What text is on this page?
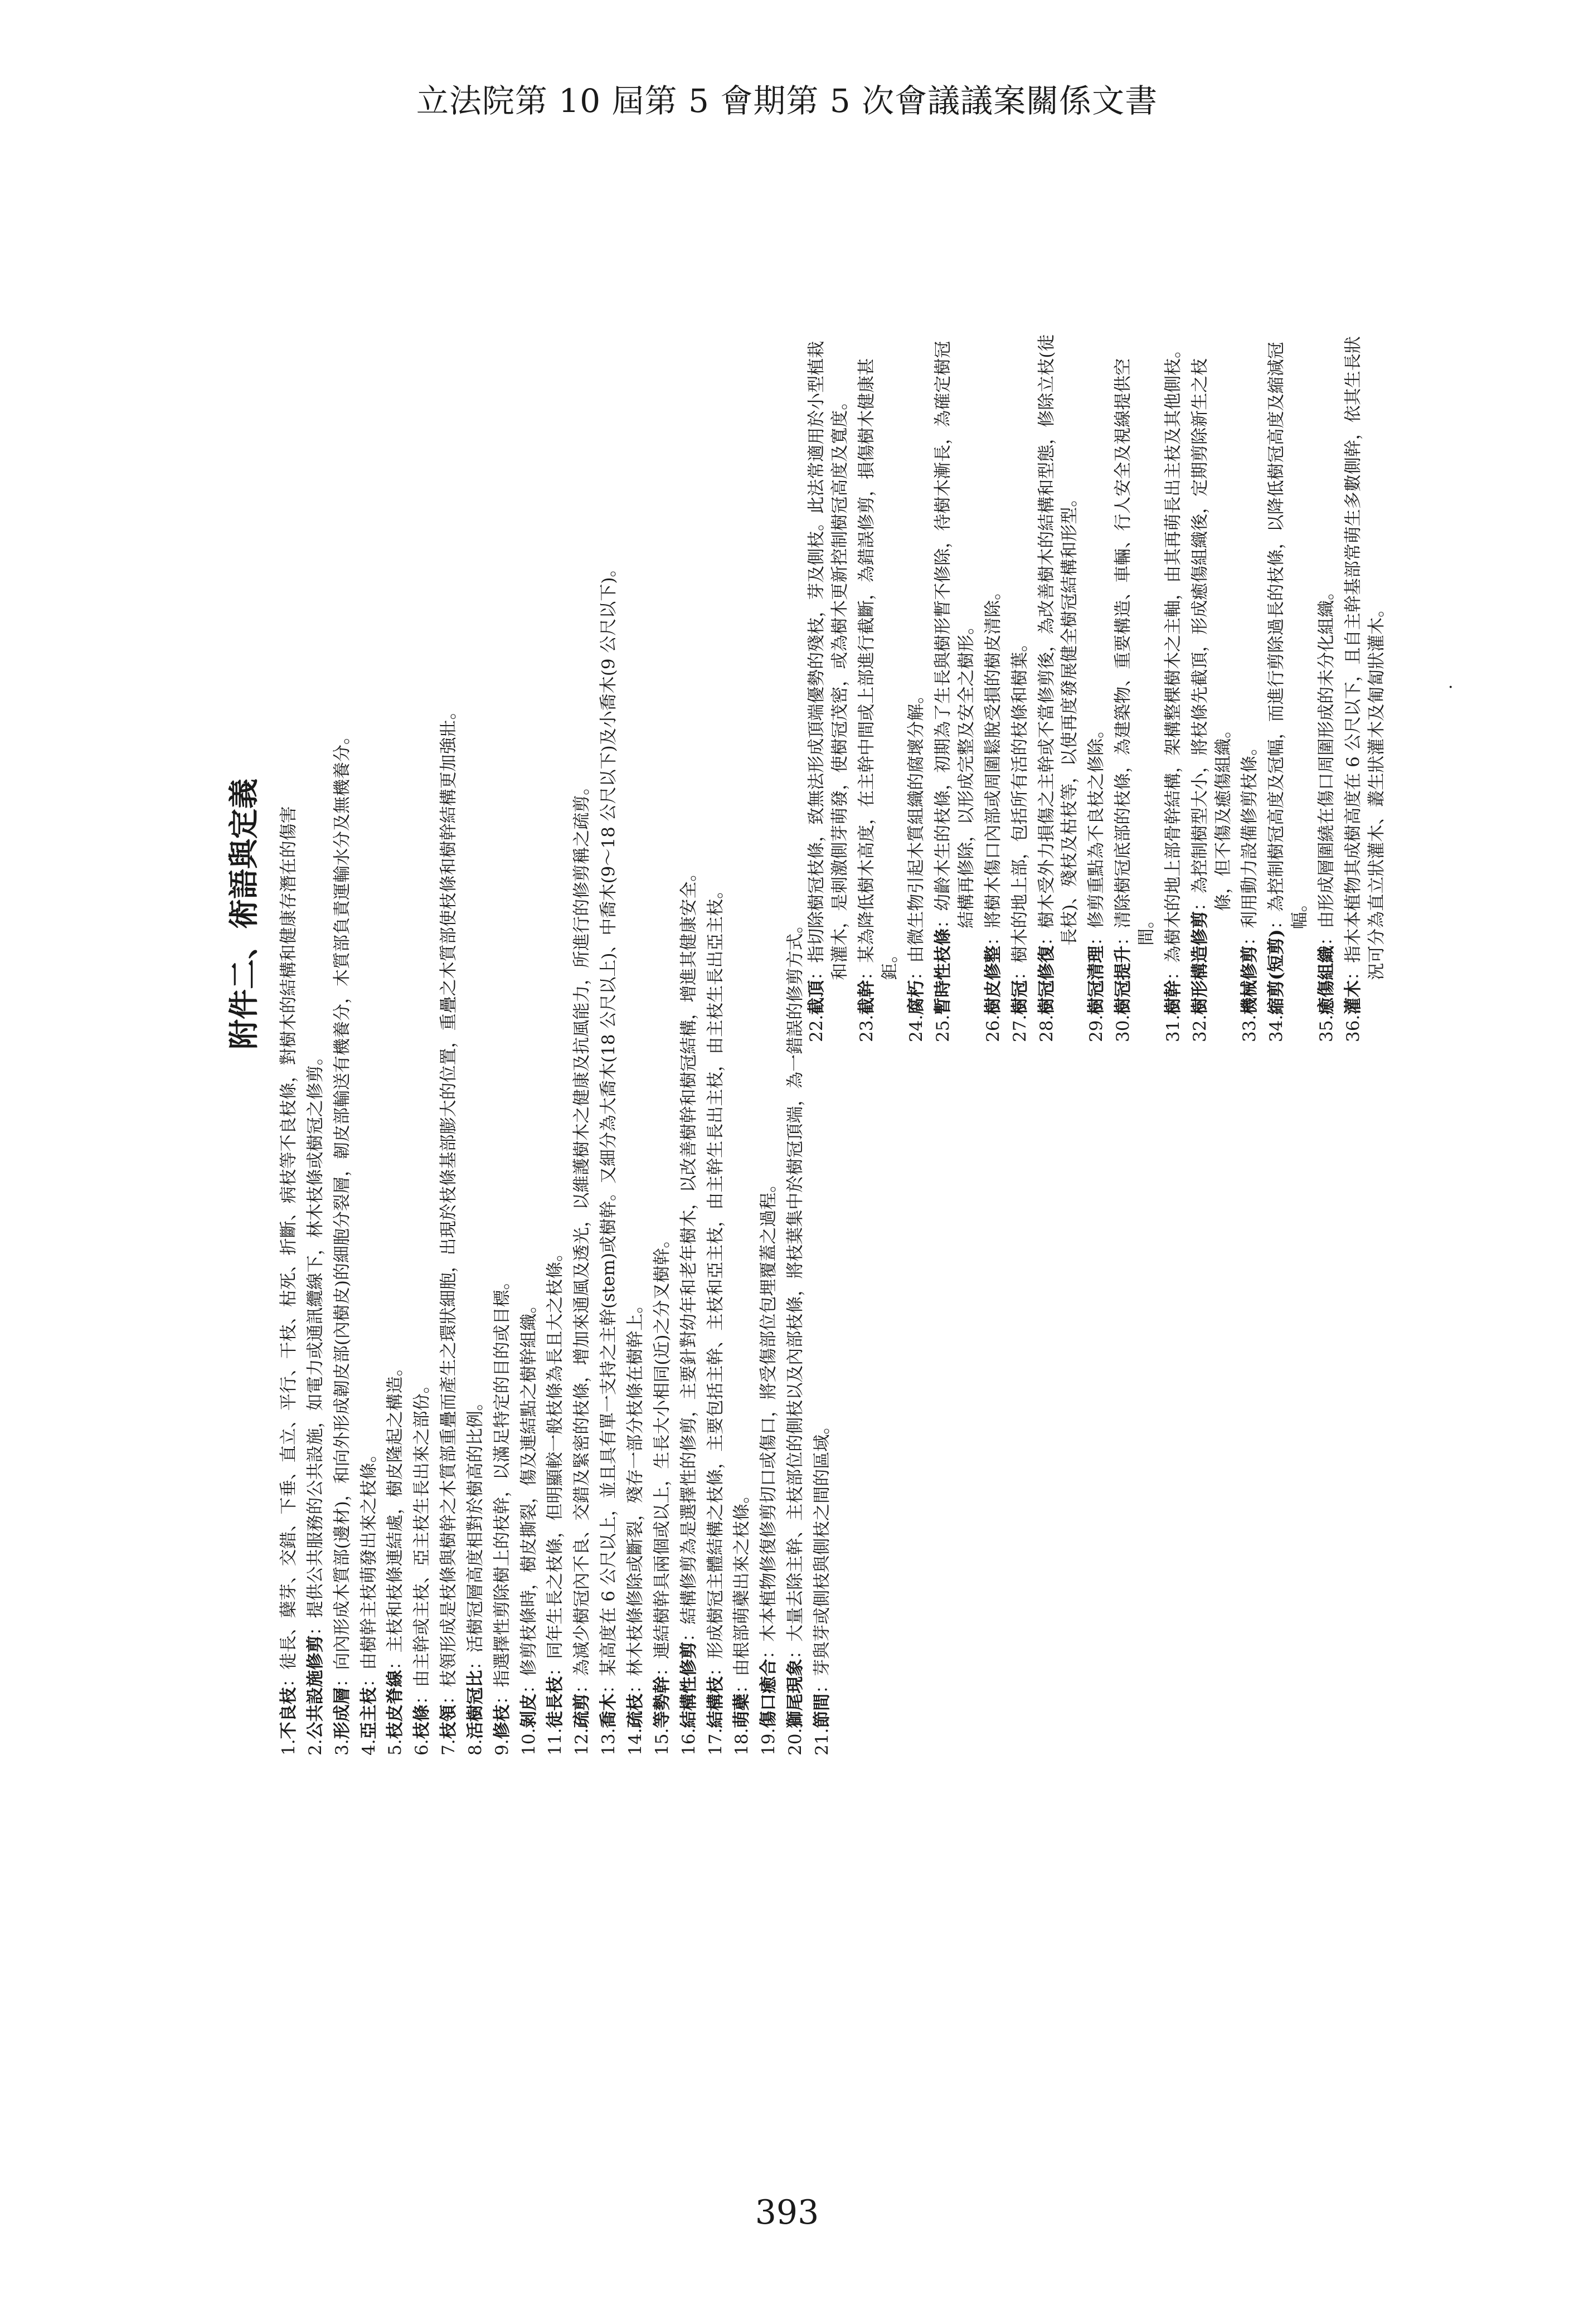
立法院第 10 屆第 5 會期第 5 次會議議案關係文書
附件二、術語與定義
1.
不良枝
：徒長、蘖芽、交錯、下垂、直立、平行、干枝、枯死、折斷、病枝等不良枝條，對樹木的結構和健康存潛在的傷害
2.
公共設施修剪
：提供公共服務的公共設施，如電力或通訊纜線下，林木枝條或樹冠之修剪。
3.
形成層
：向內形成木質部(邊材)，和向外形成韌皮部(內樹皮)的細胞分裂層，韌皮部輸送有機養分，木質部負責運輸水分及無機養分。
4.
亞主枝
：由樹幹主枝萌發出來之枝條。
5.
枝皮脊線
：主枝和枝條連結處，樹皮隆起之構造。
6.
枝條
：由主幹或主枝、亞主枝生長出來之部份。
7.
枝領
：枝領形成是枝條與樹幹之木質部重疊而產生之環狀細胞，出現於枝條基部膨大的位置，重疊之木質部使枝條和樹幹結構更加強壯。
8.
活樹冠比
：活樹冠層高度相對於樹高的比例。
9.
修枝
：指選擇性剪除樹上的枝幹，以滿足特定的目的或目標。
10.
剝皮
：修剪枝條時，樹皮撕裂，傷及連結點之樹幹組織。
11.
徒長枝
：同年生長之枝條，但明顯較一般枝條為長且大之枝條。
12.
疏剪
：為減少樹冠內不良、交錯及緊密的枝條，增加來通風及透光，以維護樹木之健康及抗風能力，所進行的修剪稱之疏剪。
13.
喬木
：某高度在 6 公尺以上，並且具有單一支持之主幹(stem)或樹幹。又細分為大喬木(18 公尺以上)、中喬木(9～18 公尺以下)及小喬木(9 公尺以下)。
14.
疏枝
：林木枝條修除或斷裂，殘存一部分枝條在樹幹上。
15.
等勢幹
：連結樹幹具兩個或以上，生長大小相同(近)之分叉樹幹。
16.
結構性修剪
：結構修剪為是選擇性的修剪，主要針對幼年和老年樹木，以改善樹幹和樹冠結構，增進其健康安全。
17.
結構枝
：形成樹冠主體結構之枝條，主要包括主幹、主枝和亞主枝，由主幹生長出主枝，由主枝生長出亞主枝。
18.
萌蘗
：由根部萌蘗出來之枝條。
19.
傷口癒合
：木本植物修復修剪切口或傷口，將受傷部位包埋覆蓋之過程。
20.
獅尾現象
：大量去除主幹、主枝部位的側枝以及內部枝條，將枝葉集中於樹冠頂端，為一錯誤的修剪方式。
21.
節間
：芽與芽或側枝與側枝之間的區域。
22.
截頂
：指切除樹冠枝條，致無法形成頂端優勢的殘枝，芽及側枝。此法常適用於小型植栽和灌木，是刺激側芽萌發，使樹冠茂密，或為樹木更新控制樹冠高度及寬度。
23.
截幹
：某為降低樹木高度，在主幹中間或上部進行截斷，為錯誤修剪，損傷樹木健康甚鉅。
24.
腐朽
：由微生物引起木質組織的腐壞分解。
25.
暫時性枝條
：幼齡木生的枝條，初期為了生長與樹形暫不修除，待樹木漸長，為確定樹冠結構再修除，以形成完整及安全之樹形。
26.
樹皮修整
：將樹木傷口內部或周圍鬆脫受損的樹皮清除。
27.
樹冠
：樹木的地上部，包括所有活的枝條和樹葉。
28.
樹冠修復
：樹木受外力損傷之主幹或不當修剪後，為改善樹木的結構和型態，修除立枝(徒長枝)、殘枝及枯枝等，以使再度發展健全樹冠結構和形型。
29.
樹冠清理
：修剪重點為不良枝之修除。
30.
樹冠提升
：清除樹冠底部的枝條，為建築物、重要構造、車輛、行人安全及視線提供空間。
31.
樹幹
：為樹木的地上部骨幹結構，架構整棵樹木之主軸，由其再萌長出主枝及其他側枝。
32.
樹形構造修剪
：為控制樹型大小，將枝條先截頂，形成癒傷組織後，定期剪除新生之枝條，但不傷及癒傷組織。
33.
機械修剪
：利用動力設備修剪枝條。
34.
縮剪(短剪)
：為控制樹冠高度及冠幅，而進行剪除過長的枝條，以降低樹冠高度及縮減冠幅。
35.
癒傷組織
：由形成層圍繞在傷口周圍形成的未分化組織。
36.
灌木
：指木本植物其成樹高度在 6 公尺以下，且自主幹基部常萌生多數側幹，依其生長狀況可分為直立狀灌木、叢生狀灌木及匍匐狀灌木。	·
393
